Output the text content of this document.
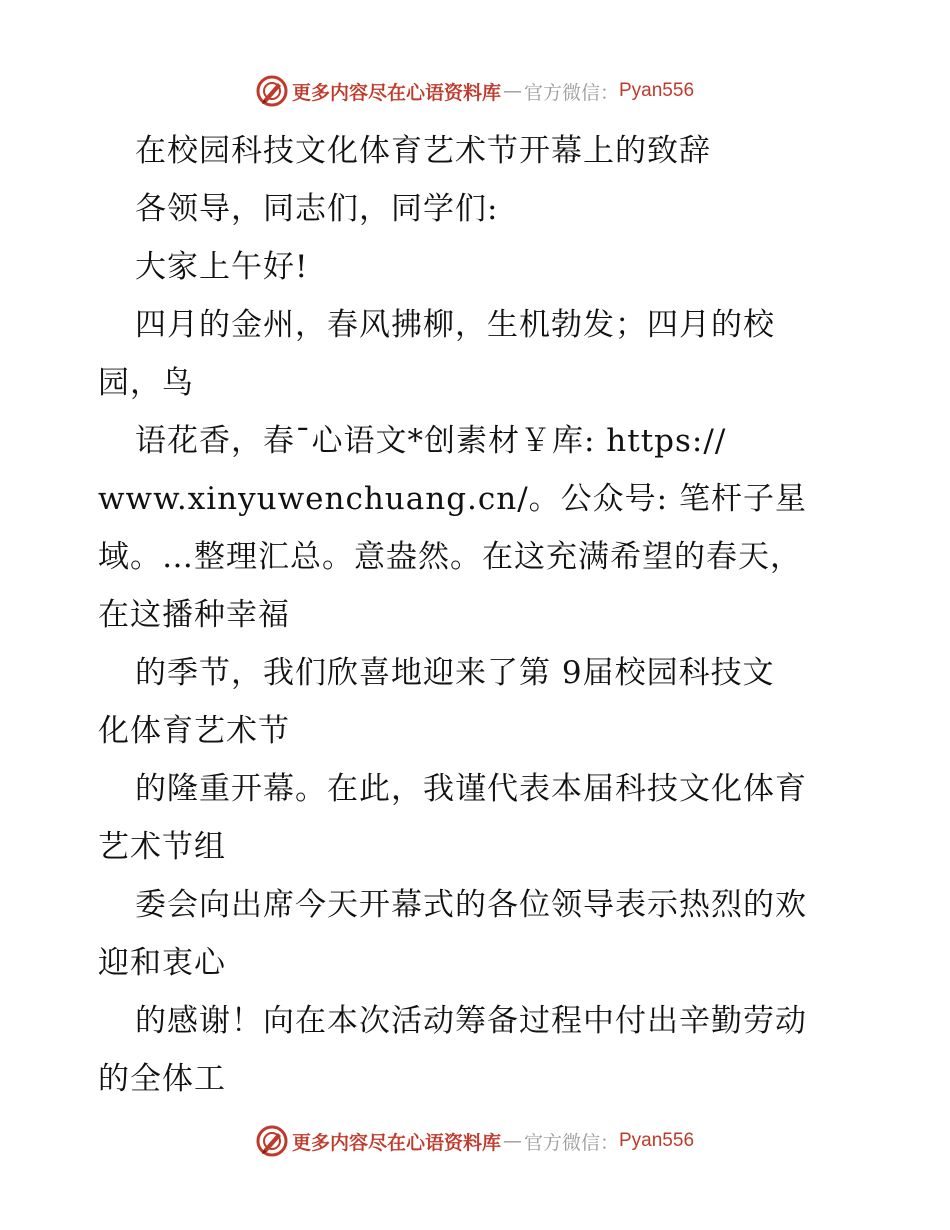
更多内容尽在心语资料库 — 官方微信： Pyan556
在校园科技文化体育艺术节开幕上的致辞
各领导，同志们，同学们:
大家上午好!
四月的金州，春风拂柳，生机勃发；四月的校
园，鸟
语花香，春¯心语文*创素材￥库: https://
www.xinyuwenchuang.cn/。公众号: 笔杆子星
域。…整理汇总。意盎然。在这充满希望的春天，
在这播种幸福
的季节，我们欣喜地迎来了第 9届校园科技文
化体育艺术节
的隆重开幕。在此，我谨代表本届科技文化体育
艺术节组
委会向出席今天开幕式的各位领导表示热烈的欢
迎和衷心
的感谢！向在本次活动筹备过程中付出辛勤劳动
的全体工
更多内容尽在心语资料库 — 官方微信： Pyan556
